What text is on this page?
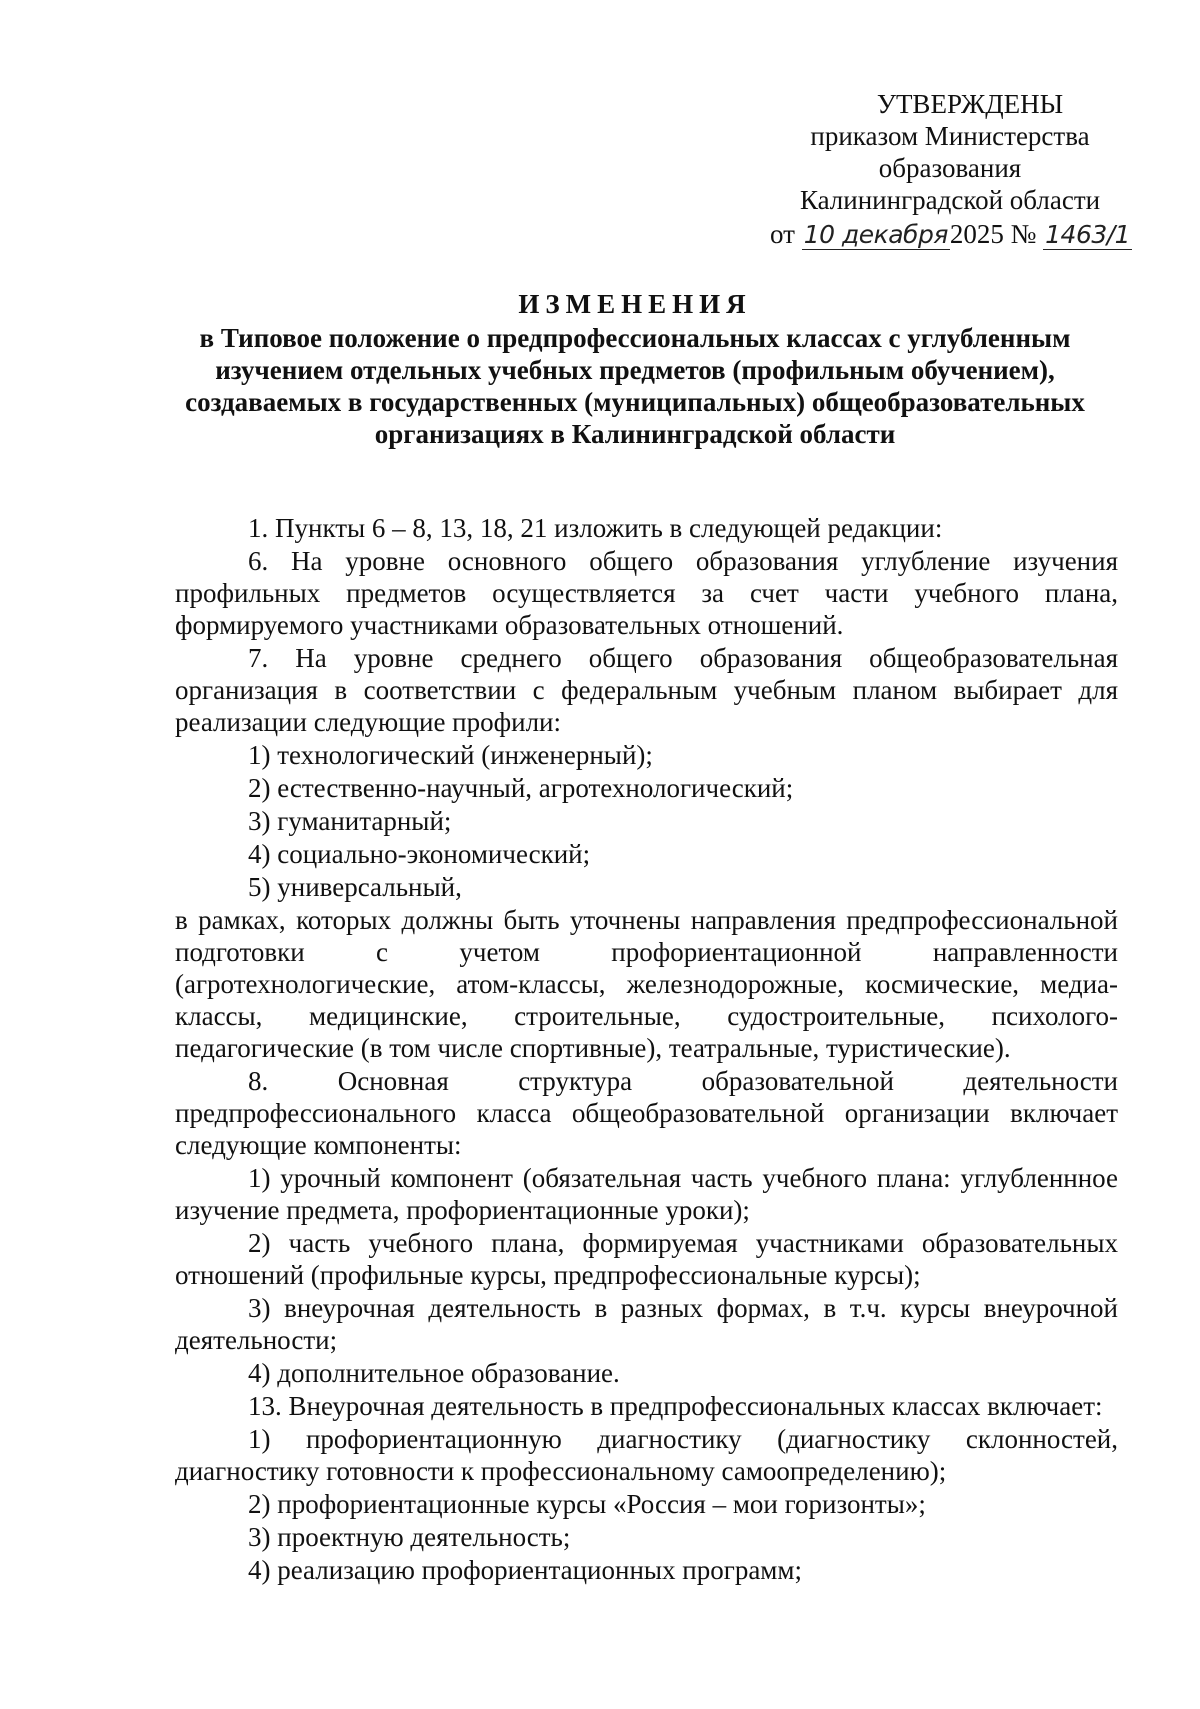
УТВЕРЖДЕНЫ
приказом Министерства
образования
Калининградской области
от 10 декабря2025 № 1463/1
ИЗМЕНЕНИЯ
в Типовое положение о предпрофессиональных классах с углубленным
изучением отдельных учебных предметов (профильным обучением),
создаваемых в государственных (муниципальных) общеобразовательных
организациях в Калининградской области

1. Пункты 6 – 8, 13, 18, 21 изложить в следующей редакции:

6. На уровне основного общего образования углубление изучения профильных предметов осуществляется за счет части учебного плана, формируемого участниками образовательных отношений.

7. На уровне среднего общего образования общеобразовательная организация в соответствии с федеральным учебным планом выбирает для реализации следующие профили:

1) технологический (инженерный);

2) естественно-научный, агротехнологический;

3) гуманитарный;

4) социально-экономический;

5) универсальный,

в рамках, которых должны быть уточнены направления предпрофессиональной подготовки с учетом профориентационной направленности (агротехнологические, атом-классы, железнодорожные, космические, медиа-классы, медицинские, строительные, судостроительные, психолого-педагогические (в том числе спортивные), театральные, туристические).

8. Основная структура образовательной деятельности предпрофессионального класса общеобразовательной организации включает следующие компоненты:

1) урочный компонент (обязательная часть учебного плана: углубленнное изучение предмета, профориентационные уроки);

2) часть учебного плана, формируемая участниками образовательных отношений (профильные курсы, предпрофессиональные курсы);

3) внеурочная деятельность в разных формах, в т.ч. курсы внеурочной деятельности;

4) дополнительное образование.

13. Внеурочная деятельность в предпрофессиональных классах включает:

1) профориентационную диагностику (диагностику склонностей, диагностику готовности к профессиональному самоопределению);

2) профориентационные курсы «Россия – мои горизонты»;

3) проектную деятельность;

4) реализацию профориентационных программ;
